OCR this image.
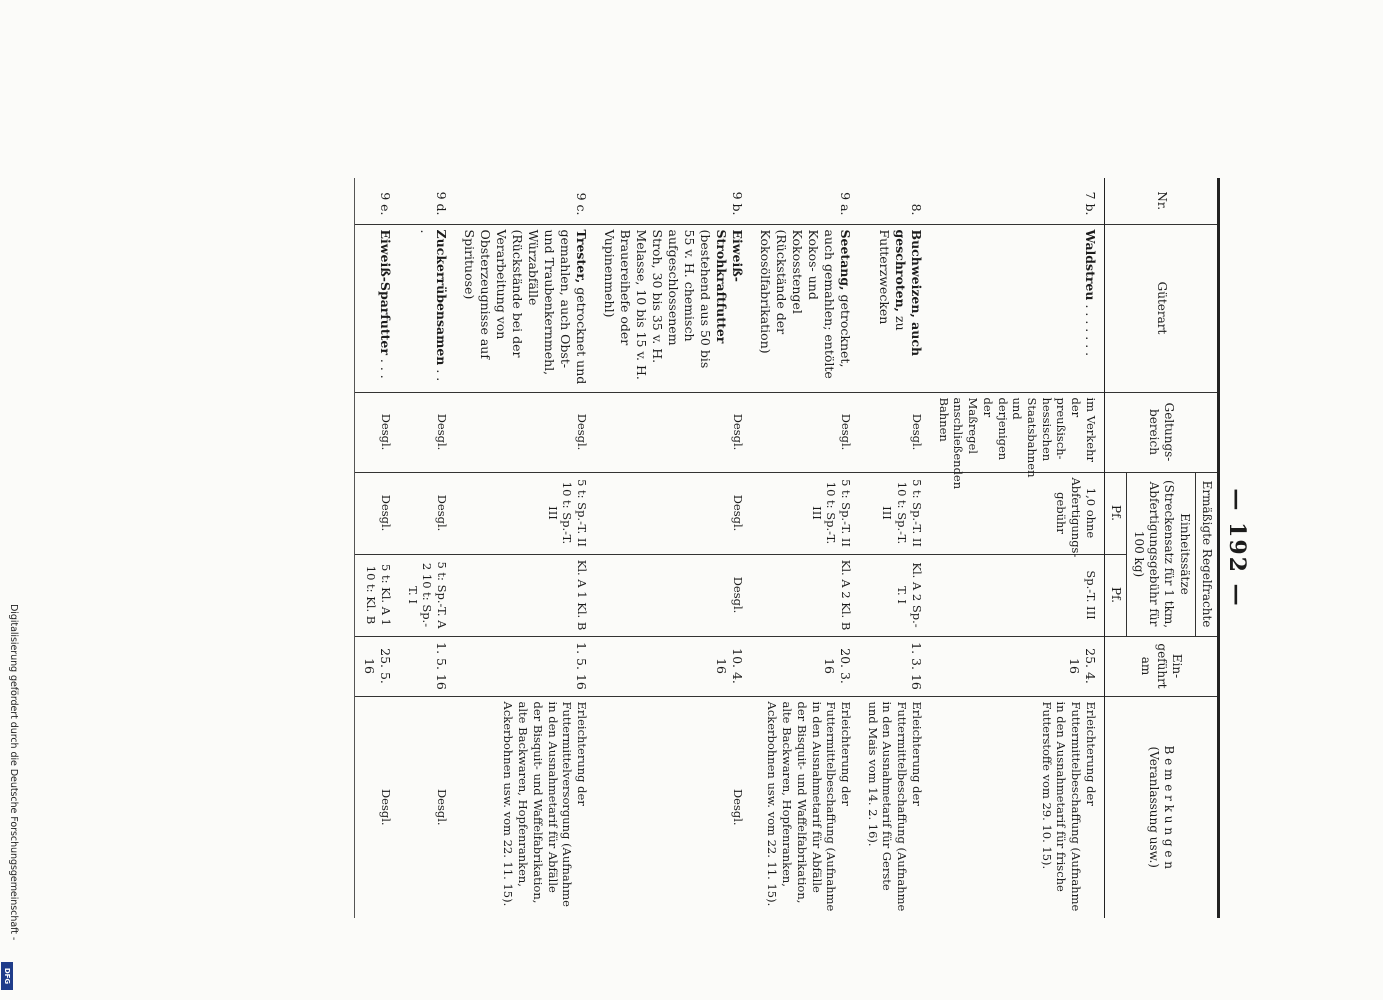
Digitalisierung gefördert durch die Deutsche Forschungsgemeinschaft -
DFG
— 192 —
Nr.	Güterart	Geltungs-bereich	Ermäßigte Regelfrachte		Ein-geführt am	B e m e r k u n g e n (Veranlassung usw.)
			Einheitssätze (Streckensatz für 1 tkm, Abfertigungsgebühr für 100 kg)			
			Pf.	Pf.		
7 b.	Waldstreu . . . . . . .	im Verkehr der preußisch-hessischen Staatsbahnen und derjenigen der Maßregel anschließenden Bahnen	1,0 ohne Abfertigungs-gebühr	Sp.-T. III	25. 4. 16	Erleichterung der Futtermittelbeschaffung (Aufnahme in den Ausnahmetarif für frische Futterstoffe vom 29. 10. 15).
8.	Buchweizen, auch geschroten, zu Futterzwecken	Desgl.	5 t: Sp.-T. II 10 t: Sp.-T. III	Kl. A 2 Sp.-T. I	1. 3. 16	Erleichterung der Futtermittelbeschaffung (Aufnahme in den Ausnahmetarif für Gerste und Mais vom 14. 2. 16).
9 a.	Seetang, getrocknet, auch gemahlen; entölte Kokos- und Kokosstengel (Rückstände der Kokosölfabrikation)	Desgl.	5 t: Sp.-T. II 10 t: Sp.-T. III	Kl. A 2 Kl. B	20. 3. 16	Erleichterung der Futtermittelbeschaffung (Aufnahme in den Ausnahmetarif für Abfälle der Bisquit- und Waffelfabrikation, alte Backwaren, Hopfenranken, Ackerbohnen usw. vom 22. 11. 15).
9 b.	Eiweiß-Strohkraftfutter (bestehend aus 50 bis 55 v. H. chemisch aufgeschlossenem Stroh, 30 bis 35 v. H. Melasse, 10 bis 15 v. H. Brauereihefe oder Vupinenmehl)	Desgl.	Desgl.	Desgl.	10. 4. 16	Desgl.
9 c.	Trester, getrocknet und gemahlen, auch Obst- und Traubenkernmehl, Würzabfälle (Rückstände bei der Verarbeitung von Obsterzeugnisse auf Spirituose)	Desgl.	5 t: Sp.-T. II 10 t: Sp.-T. III	Kl. A 1 Kl. B	1. 5. 16	Erleichterung der Futtermittelversorgung (Aufnahme in den Ausnahmetarif für Abfälle der Bisquit- und Waffelfabrikation, alte Backwaren, Hopfenranken, Ackerbohnen usw. vom 22. 11. 15).
9 d.	Zuckerrübensamen . . .	Desgl.	Desgl.	5 t: Sp.-T. A 2 10 t: Sp.-T. I	1. 5. 16	Desgl.
9 e.	Eiweiß-Sparfutter . . .	Desgl.	Desgl.	5 t: Kl. A 1 10 t: Kl. B	25. 5. 16	Desgl.
